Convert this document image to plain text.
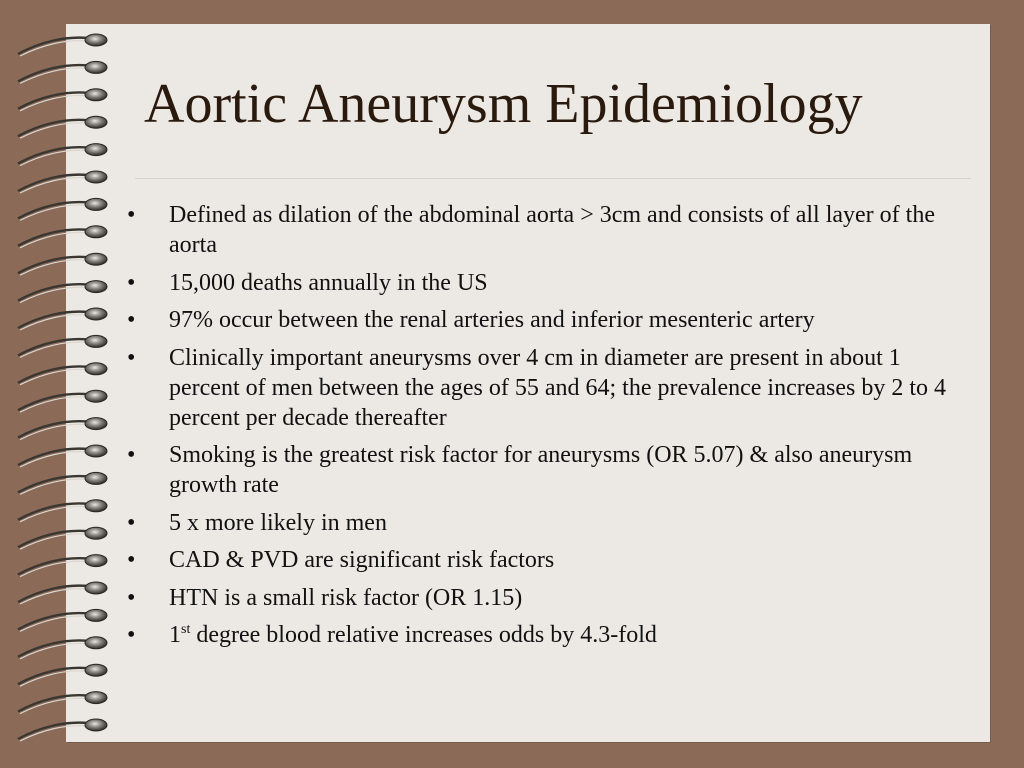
Aortic Aneurysm Epidemiology
• Defined as dilation of the abdominal aorta > 3cm and consists of all layer of the aorta
• 15,000 deaths annually in the US
• 97% occur between the renal arteries and inferior mesenteric artery
• Clinically important aneurysms over 4 cm in diameter are present in about 1 percent of men between the ages of 55 and 64; the prevalence increases by 2 to 4 percent per decade thereafter
• Smoking is the greatest risk factor for aneurysms (OR 5.07) & also aneurysm growth rate
• 5 x more likely in men
• CAD & PVD are significant risk factors
• HTN is a small risk factor (OR 1.15)
• 1st degree blood relative increases odds by 4.3-fold
